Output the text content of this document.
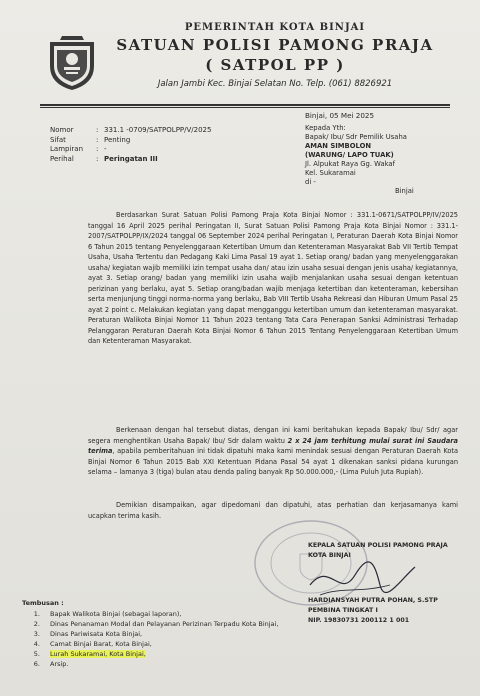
PEMERINTAH KOTA BINJAI
SATUAN POLISI PAMONG PRAJA
( SATPOL PP )
Jalan Jambi Kec. Binjai Selatan No. Telp. (061) 8826921
Binjai, 05 Mei 2025
Nomor	: 331.1 -0709/SATPOLPP/V/2025
Sifat	: Penting
Lampiran	: -
Perihal	: Peringatan III
Kepada Yth:
Bapak/ Ibu/ Sdr Pemilik Usaha
AMAN SIMBOLON
(WARUNG/ LAPO TUAK)
Jl. Alpukat Raya Gg. Wakaf
Kel. Sukaramai
di -
Binjai

Berdasarkan Surat Satuan Polisi Pamong Praja Kota Binjai Nomor : 331.1-0671/SATPOLPP/IV/2025 tanggal 16 April 2025 perihal Peringatan II, Surat Satuan Polisi Pamong Praja Kota Binjai Nomor : 331.1-2007/SATPOLPP/IX/2024 tanggal 06 September 2024 perihal Peringatan I, Peraturan Daerah Kota Binjai Nomor 6 Tahun 2015 tentang Penyelenggaraan Ketertiban Umum dan Ketenteraman Masyarakat Bab VII Tertib Tempat Usaha, Usaha Tertentu dan Pedagang Kaki Lima Pasal 19 ayat 1. Setiap orang/ badan yang menyelenggarakan usaha/ kegiatan wajib memiliki izin tempat usaha dan/ atau izin usaha sesuai dengan jenis usaha/ kegiatannya, ayat 3. Setiap orang/ badan yang memiliki izin usaha wajib menjalankan usaha sesuai dengan ketentuan perizinan yang berlaku, ayat 5. Setiap orang/badan wajib menjaga ketertiban dan ketenteraman, kebersihan serta menjunjung tinggi norma-norma yang berlaku, Bab VIII Tertib Usaha Rekreasi dan Hiburan Umum Pasal 25 ayat 2 point c. Melakukan kegiatan yang dapat mengganggu ketertiban umum dan ketenteraman masyarakat. Peraturan Walikota Binjai Nomor 11 Tahun 2023 tentang Tata Cara Penerapan Sanksi Administrasi Terhadap Pelanggaran Peraturan Daerah Kota Binjai Nomor 6 Tahun 2015 Tentang Penyelenggaraan Ketertiban Umum dan Ketenteraman Masyarakat.

Berkenaan dengan hal tersebut diatas, dengan ini kami beritahukan kepada Bapak/ Ibu/ Sdr/ agar segera menghentikan Usaha Bapak/ Ibu/ Sdr dalam waktu 2 x 24 jam terhitung mulai surat ini Saudara terima, apabila pemberitahuan ini tidak dipatuhi maka kami menindak sesuai dengan Peraturan Daerah Kota Binjai Nomor 6 Tahun 2015 Bab XXI Ketentuan Pidana Pasal 54 ayat 1 dikenakan sanksi pidana kurungan selama – lamanya 3 (tiga) bulan atau denda paling banyak Rp 50.000.000,- (Lima Puluh Juta Rupiah).

Demikian disampaikan, agar dipedomani dan dipatuhi, atas perhatian dan kerjasamanya kami ucapkan terima kasih.

KEPALA SATUAN POLISI PAMONG PRAJA
KOTA BINJAI
HARDIANSYAH PUTRA POHAN, S.STP
PEMBINA TINGKAT I
NIP. 19830731 200112 1 001
Tembusan :
1. Bapak Walikota Binjai (sebagai laporan),
2. Dinas Penanaman Modal dan Pelayanan Perizinan Terpadu Kota Binjai,
3. Dinas Pariwisata Kota Binjai,
4. Camat Binjai Barat, Kota Binjai,
5. Lurah Sukaramai, Kota Binjai,
6. Arsip.
